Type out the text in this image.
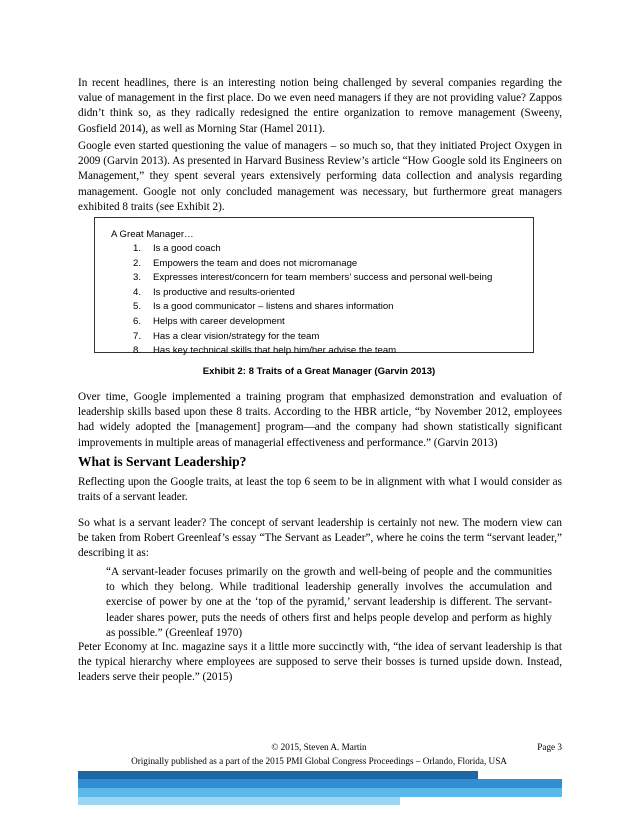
In recent headlines, there is an interesting notion being challenged by several companies regarding the value of management in the first place. Do we even need managers if they are not providing value? Zappos didn’t think so, as they radically redesigned the entire organization to remove management (Sweeny, Gosfield 2014), as well as Morning Star (Hamel 2011).

Google even started questioning the value of managers – so much so, that they initiated Project Oxygen in 2009 (Garvin 2013). As presented in Harvard Business Review’s article “How Google sold its Engineers on Management,” they spent several years extensively performing data collection and analysis regarding management. Google not only concluded management was necessary, but furthermore great managers exhibited 8 traits (see Exhibit 2).

A Great Manager…
1. Is a good coach
2. Empowers the team and does not micromanage
3. Expresses interest/concern for team members’ success and personal well-being
4. Is productive and results-oriented
5. Is a good communicator – listens and shares information
6. Helps with career development
7. Has a clear vision/strategy for the team
8. Has key technical skills that help him/her advise the team
Exhibit 2: 8 Traits of a Great Manager (Garvin 2013)

Over time, Google implemented a training program that emphasized demonstration and evaluation of leadership skills based upon these 8 traits. According to the HBR article, “by November 2012, employees had widely adopted the [management] program—and the company had shown statistically significant improvements in multiple areas of managerial effectiveness and performance.” (Garvin 2013)

What is Servant Leadership?

Reflecting upon the Google traits, at least the top 6 seem to be in alignment with what I would consider as traits of a servant leader.

So what is a servant leader? The concept of servant leadership is certainly not new. The modern view can be taken from Robert Greenleaf’s essay “The Servant as Leader”, where he coins the term “servant leader,” describing it as:

“A servant-leader focuses primarily on the growth and well-being of people and the communities to which they belong. While traditional leadership generally involves the accumulation and exercise of power by one at the ‘top of the pyramid,’ servant leadership is different. The servant-leader shares power, puts the needs of others first and helps people develop and perform as highly as possible.” (Greenleaf 1970)

Peter Economy at Inc. magazine says it a little more succinctly with, “the idea of servant leadership is that the typical hierarchy where employees are supposed to serve their bosses is turned upside down. Instead, leaders serve their people.” (2015)

© 2015, Steven A. Martin	Page 3
Originally published as a part of the 2015 PMI Global Congress Proceedings – Orlando, Florida, USA
